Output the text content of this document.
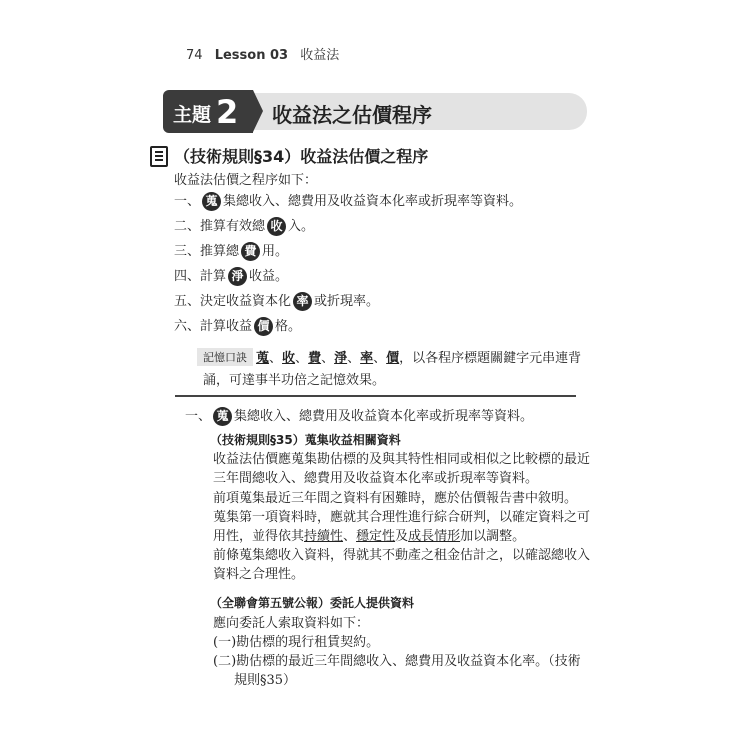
74 Lesson 03 收益法
主題 2 收益法之估價程序
（技術規則§34）收益法估價之程序
收益法估價之程序如下：
一、 蒐 集總收入、總費用及收益資本化率或折現率等資料。
二、推算有效總 收 入。
三、推算總 費 用。
四、計算 淨 收益。
五、決定收益資本化 率 或折現率。
六、計算收益 價 格。
記憶口訣 蒐、收、費、淨、率、價，以各程序標題關鍵字元串連背
誦，可達事半功倍之記憶效果。
一、 蒐 集總收入、總費用及收益資本化率或折現率等資料。
（技術規則§35）蒐集收益相關資料
收益法估價應蒐集勘估標的及與其特性相同或相似之比較標的最近
三年間總收入、總費用及收益資本化率或折現率等資料。
前項蒐集最近三年間之資料有困難時，應於估價報告書中敘明。
蒐集第一項資料時，應就其合理性進行綜合研判，以確定資料之可
用性，並得依其持續性、穩定性及成長情形加以調整。
前條蒐集總收入資料，得就其不動產之租金估計之，以確認總收入
資料之合理性。
（全聯會第五號公報）委託人提供資料
應向委託人索取資料如下：
(一)勘估標的現行租賃契約。
(二)勘估標的最近三年間總收入、總費用及收益資本化率。（技術
規則§35）
